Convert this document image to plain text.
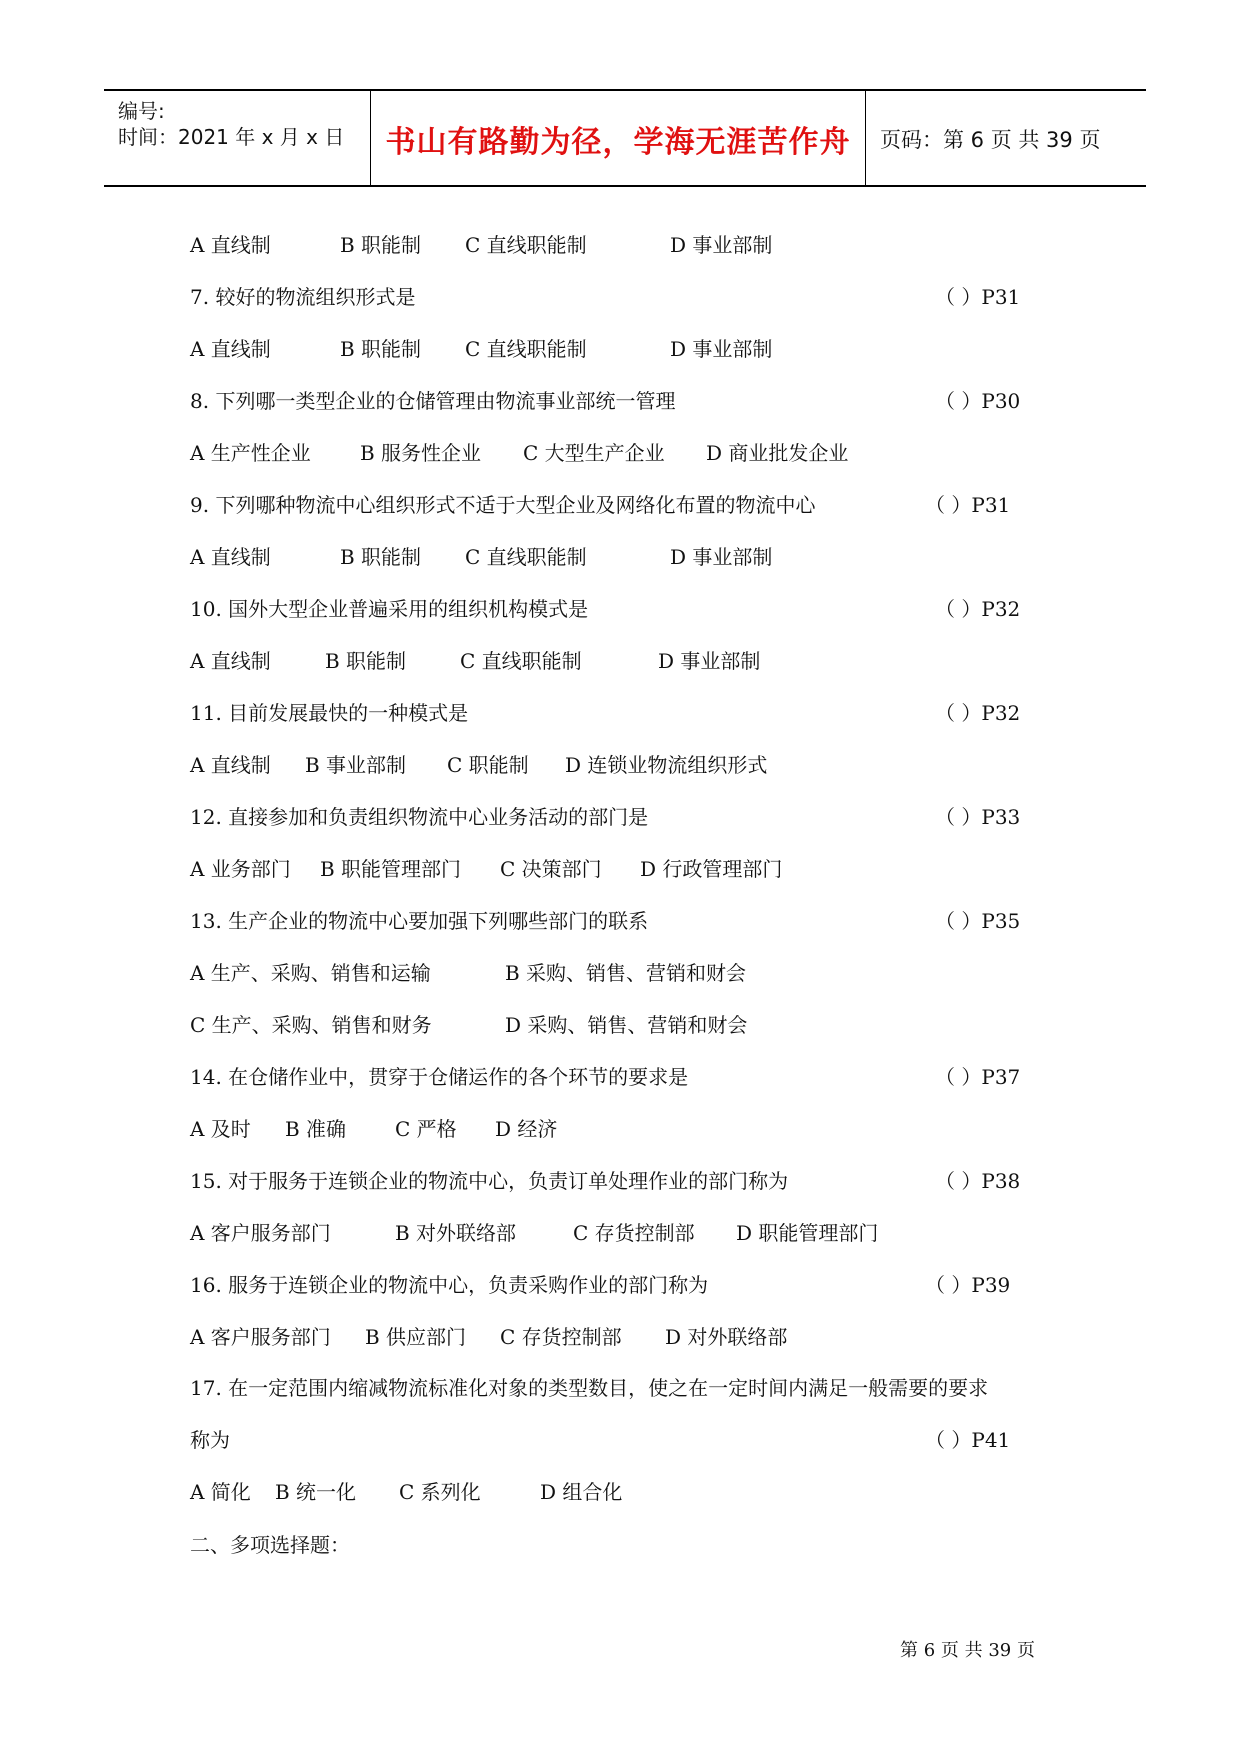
编号:
时间：2021 年 x 月 x 日	书山有路勤为径，学海无涯苦作舟	页码：第 6 页 共 39 页
A 直线制	B 职能制 C 直线职能制	D 事业部制
7. 较好的物流组织形式是	（ ）P31
A 直线制	B 职能制 C 直线职能制	D 事业部制
8. 下列哪一类型企业的仓储管理由物流事业部统一管理	（ ）P30
A 生产性企业 B 服务性企业 C 大型生产企业 D 商业批发企业
9. 下列哪种物流中心组织形式不适于大型企业及网络化布置的物流中心	（ ）P31
A 直线制	B 职能制 C 直线职能制	D 事业部制
10. 国外大型企业普遍采用的组织机构模式是	（ ）P32
A 直线制	B 职能制	C 直线职能制	D 事业部制
11. 目前发展最快的一种模式是	（ ）P32
A 直线制 B 事业部制 C 职能制 D 连锁业物流组织形式
12. 直接参加和负责组织物流中心业务活动的部门是	（ ）P33
A 业务部门 B 职能管理部门 C 决策部门 D 行政管理部门
13. 生产企业的物流中心要加强下列哪些部门的联系	（ ）P35
A 生产、采购、销售和运输	B 采购、销售、营销和财会
C 生产、采购、销售和财务	D 采购、销售、营销和财会
14. 在仓储作业中，贯穿于仓储运作的各个环节的要求是	（ ）P37
A 及时 B 准确 C 严格 D 经济
15. 对于服务于连锁企业的物流中心，负责订单处理作业的部门称为	（ ）P38
A 客户服务部门	B 对外联络部	C 存货控制部 D 职能管理部门
16. 服务于连锁企业的物流中心，负责采购作业的部门称为	（ ）P39
A 客户服务部门 B 供应部门 C 存货控制部 D 对外联络部
17. 在一定范围内缩减物流标准化对象的类型数目，使之在一定时间内满足一般需要的要求
称为	（ ）P41
A 简化 B 统一化 C 系列化	D 组合化
二、多项选择题：
第 6 页 共 39 页
